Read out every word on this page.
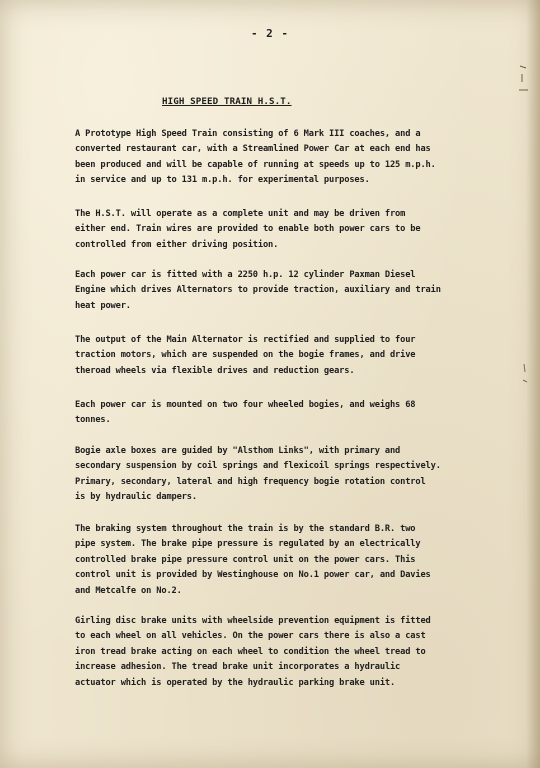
- 2 -
HIGH SPEED TRAIN H.S.T.
A Prototype High Speed Train consisting of 6 Mark III coaches, and a
converted restaurant car, with a Streamlined Power Car at each end has
been produced and will be capable of running at speeds up to 125 m.p.h.
in service and up to 131 m.p.h. for experimental purposes.
The H.S.T. will operate as a complete unit and may be driven from
either end. Train wires are provided to enable both power cars to be
controlled from either driving position.
Each power car is fitted with a 2250 h.p. 12 cylinder Paxman Diesel
Engine which drives Alternators to provide traction, auxiliary and train
heat power.
The output of the Main Alternator is rectified and supplied to four
traction motors, which are suspended on the bogie frames, and drive
theroad wheels via flexible drives and reduction gears.
Each power car is mounted on two four wheeled bogies, and weighs 68
tonnes.
Bogie axle boxes are guided by "Alsthom Links", with primary and
secondary suspension by coil springs and flexicoil springs respectively.
Primary, secondary, lateral and high frequency bogie rotation control
is by hydraulic dampers.
The braking system throughout the train is by the standard B.R. two
pipe system. The brake pipe pressure is regulated by an electrically
controlled brake pipe pressure control unit on the power cars. This
control unit is provided by Westinghouse on No.1 power car, and Davies
and Metcalfe on No.2.
Girling disc brake units with wheelside prevention equipment is fitted
to each wheel on all vehicles. On the power cars there is also a cast
iron tread brake acting on each wheel to condition the wheel tread to
increase adhesion. The tread brake unit incorporates a hydraulic
actuator which is operated by the hydraulic parking brake unit.
